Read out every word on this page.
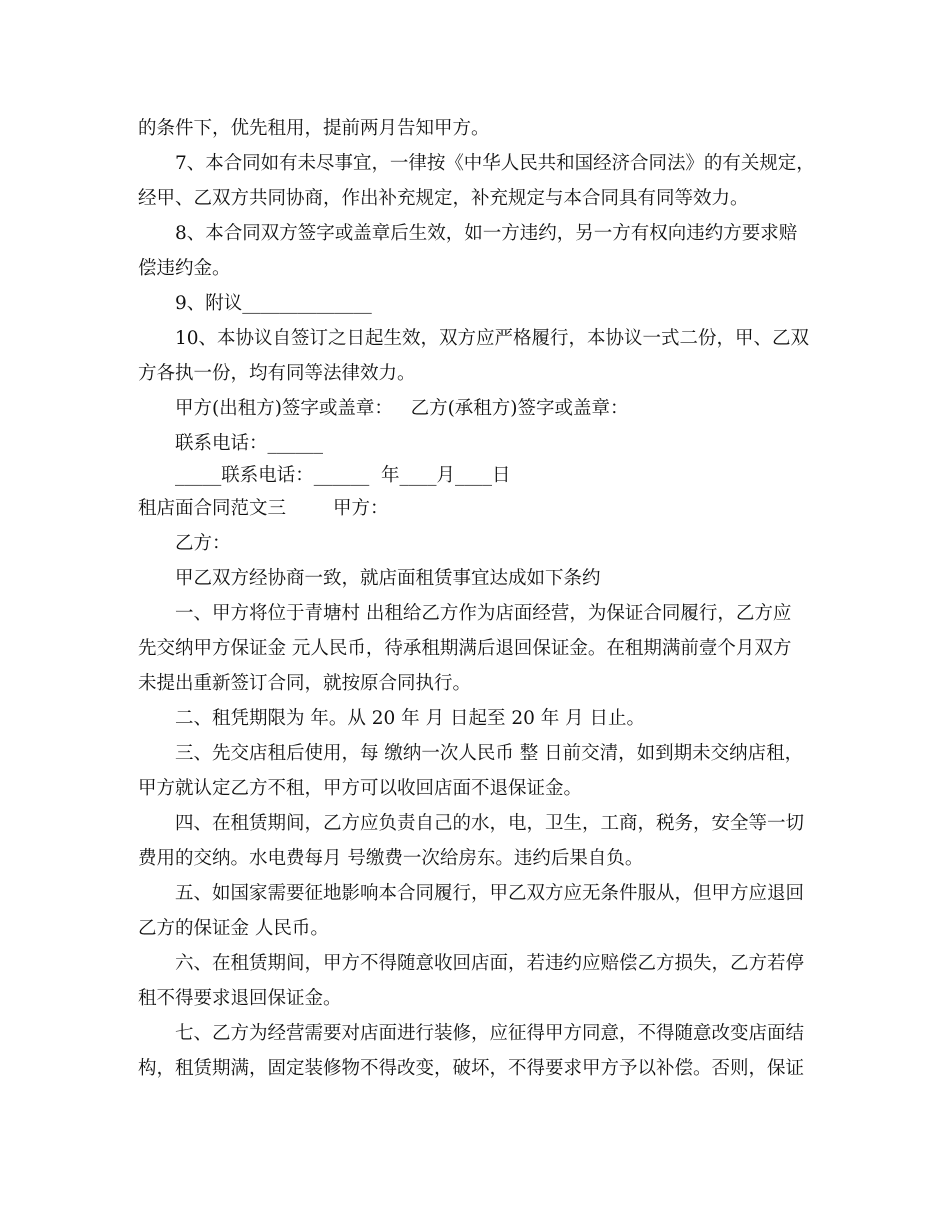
的条件下，优先租用，提前两月告知甲方。
7、本合同如有未尽事宜，一律按《中华人民共和国经济合同法》的有关规定，
经甲、乙双方共同协商，作出补充规定，补充规定与本合同具有同等效力。
8、本合同双方签字或盖章后生效，如一方违约，另一方有权向违约方要求赔
偿违约金。
9、附议______________
10、本协议自签订之日起生效，双方应严格履行，本协议一式二份，甲、乙双
方各执一份，均有同等法律效力。
甲方(出租方)签字或盖章：   乙方(承租方)签字或盖章：
联系电话：______
_____联系电话：______  年____月____日
租店面合同范文三        甲方：
乙方：
甲乙双方经协商一致，就店面租赁事宜达成如下条约
一、甲方将位于青塘村 出租给乙方作为店面经营，为保证合同履行，乙方应
先交纳甲方保证金 元人民币，待承租期满后退回保证金。在租期满前壹个月双方
未提出重新签订合同，就按原合同执行。
二、租凭期限为 年。从 20 年 月 日起至 20 年 月 日止。
三、先交店租后使用，每 缴纳一次人民币 整 日前交清，如到期未交纳店租，
甲方就认定乙方不租，甲方可以收回店面不退保证金。
四、在租赁期间，乙方应负责自己的水，电，卫生，工商，税务，安全等一切
费用的交纳。水电费每月 号缴费一次给房东。违约后果自负。
五、如国家需要征地影响本合同履行，甲乙双方应无条件服从，但甲方应退回
乙方的保证金 人民币。
六、在租赁期间，甲方不得随意收回店面，若违约应赔偿乙方损失，乙方若停
租不得要求退回保证金。
七、乙方为经营需要对店面进行装修，应征得甲方同意，不得随意改变店面结
构，租赁期满，固定装修物不得改变，破坏，不得要求甲方予以补偿。否则，保证
